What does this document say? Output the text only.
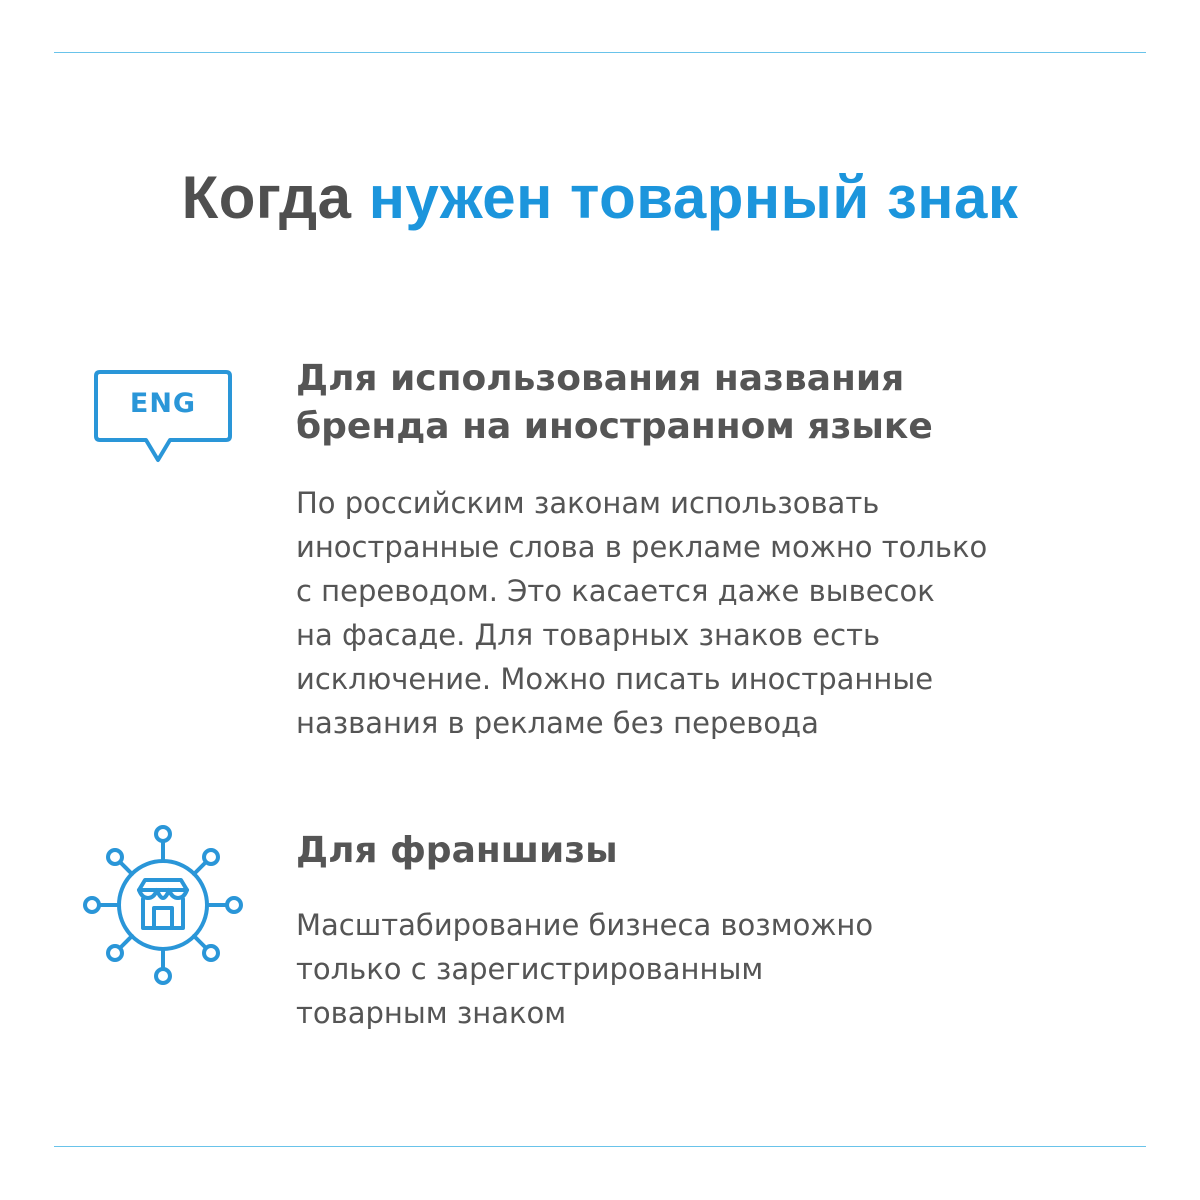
Когда нужен товарный знак
ENG
Для использования названия
бренда на иностранном языке

По российским законам использовать
иностранные слова в рекламе можно только
с переводом. Это касается даже вывесок
на фасаде. Для товарных знаков есть
исключение. Можно писать иностранные
названия в рекламе без перевода

Для франшизы

Масштабирование бизнеса возможно
только с зарегистрированным
товарным знаком
